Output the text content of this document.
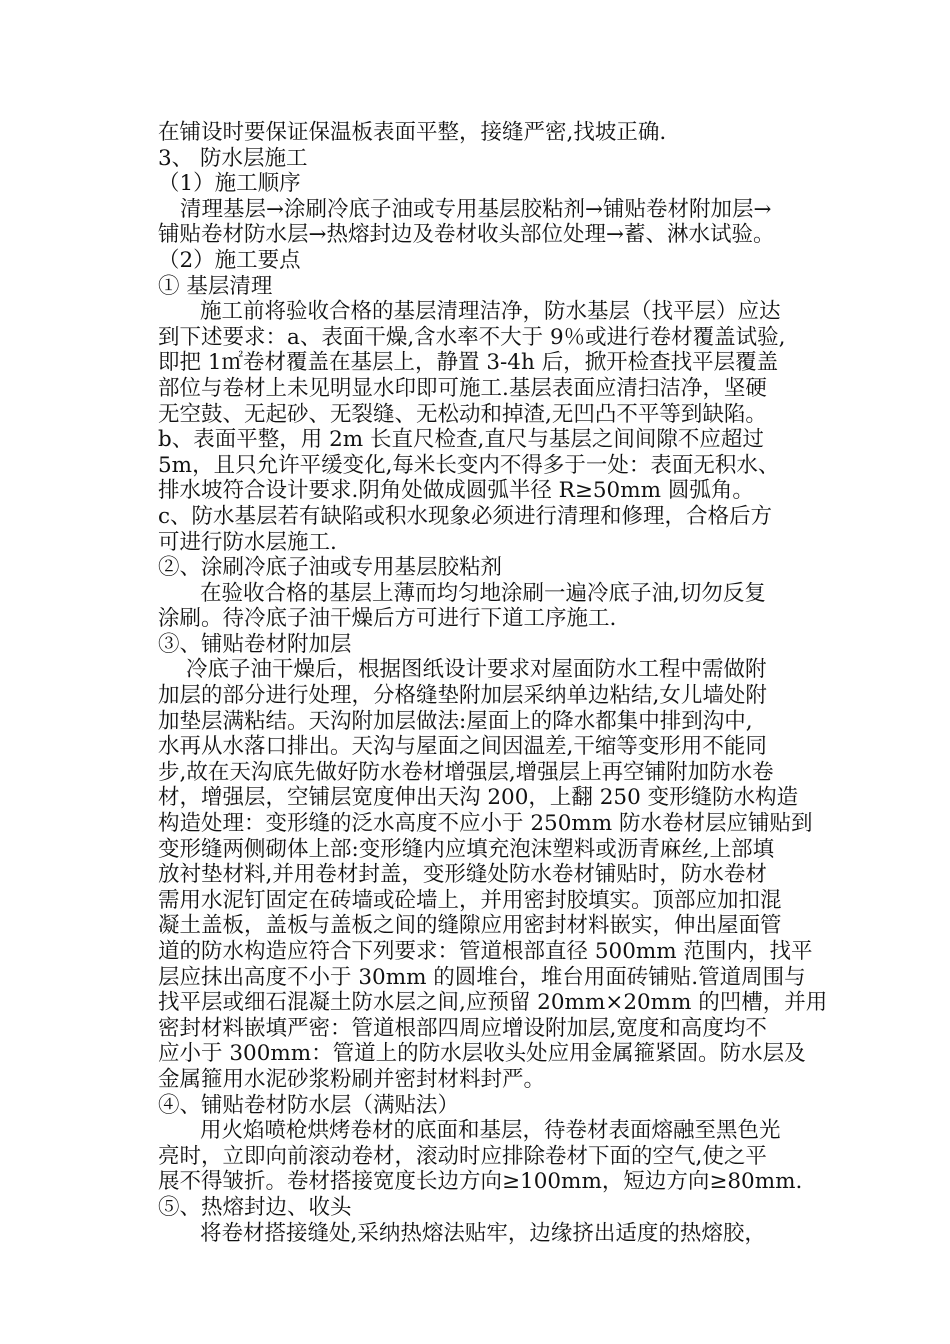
在铺设时要保证保温板表面平整，接缝严密,找坡正确.
3、 防水层施工
（1）施工顺序
清理基层→涂刷冷底子油或专用基层胶粘剂→铺贴卷材附加层→
铺贴卷材防水层→热熔封边及卷材收头部位处理→蓄、淋水试验。
（2）施工要点
① 基层清理
施工前将验收合格的基层清理洁净，防水基层（找平层）应达
到下述要求：a、表面干燥,含水率不大于 9％或进行卷材覆盖试验,
即把 1㎡卷材覆盖在基层上，静置 3-4h 后，掀开检查找平层覆盖
部位与卷材上未见明显水印即可施工.基层表面应清扫洁净，坚硬
无空鼓、无起砂、无裂缝、无松动和掉渣,无凹凸不平等到缺陷。
b、表面平整，用 2m 长直尺检查,直尺与基层之间间隙不应超过
5m，且只允许平缓变化,每米长变内不得多于一处：表面无积水、
排水坡符合设计要求.阴角处做成圆弧半径 R≥50mm 圆弧角。
c、防水基层若有缺陷或积水现象必须进行清理和修理，合格后方
可进行防水层施工.
②、涂刷冷底子油或专用基层胶粘剂
在验收合格的基层上薄而均匀地涂刷一遍冷底子油,切勿反复
涂刷。待冷底子油干燥后方可进行下道工序施工.
③、铺贴卷材附加层
冷底子油干燥后，根据图纸设计要求对屋面防水工程中需做附
加层的部分进行处理，分格缝垫附加层采纳单边粘结,女儿墙处附
加垫层满粘结。天沟附加层做法:屋面上的降水都集中排到沟中,
水再从水落口排出。天沟与屋面之间因温差,干缩等变形用不能同
步,故在天沟底先做好防水卷材增强层,增强层上再空铺附加防水卷
材，增强层，空铺层宽度伸出天沟 200，上翻 250 变形缝防水构造
构造处理：变形缝的泛水高度不应小于 250mm 防水卷材层应铺贴到
变形缝两侧砌体上部:变形缝内应填充泡沫塑料或沥青麻丝,上部填
放衬垫材料,并用卷材封盖，变形缝处防水卷材铺贴时，防水卷材
需用水泥钉固定在砖墙或砼墙上，并用密封胶填实。顶部应加扣混
凝土盖板，盖板与盖板之间的缝隙应用密封材料嵌实，伸出屋面管
道的防水构造应符合下列要求：管道根部直径 500mm 范围内，找平
层应抹出高度不小于 30mm 的圆堆台，堆台用面砖铺贴.管道周围与
找平层或细石混凝土防水层之间,应预留 20mm×20mm 的凹槽，并用
密封材料嵌填严密：管道根部四周应增设附加层,宽度和高度均不
应小于 300mm：管道上的防水层收头处应用金属箍紧固。防水层及
金属箍用水泥砂浆粉刷并密封材料封严。
④、铺贴卷材防水层（满贴法）
用火焰喷枪烘烤卷材的底面和基层，待卷材表面熔融至黑色光
亮时，立即向前滚动卷材，滚动时应排除卷材下面的空气,使之平
展不得皱折。卷材搭接宽度长边方向≥100mm，短边方向≥80mm.
⑤、热熔封边、收头
将卷材搭接缝处,采纳热熔法贴牢，边缘挤出适度的热熔胶，
